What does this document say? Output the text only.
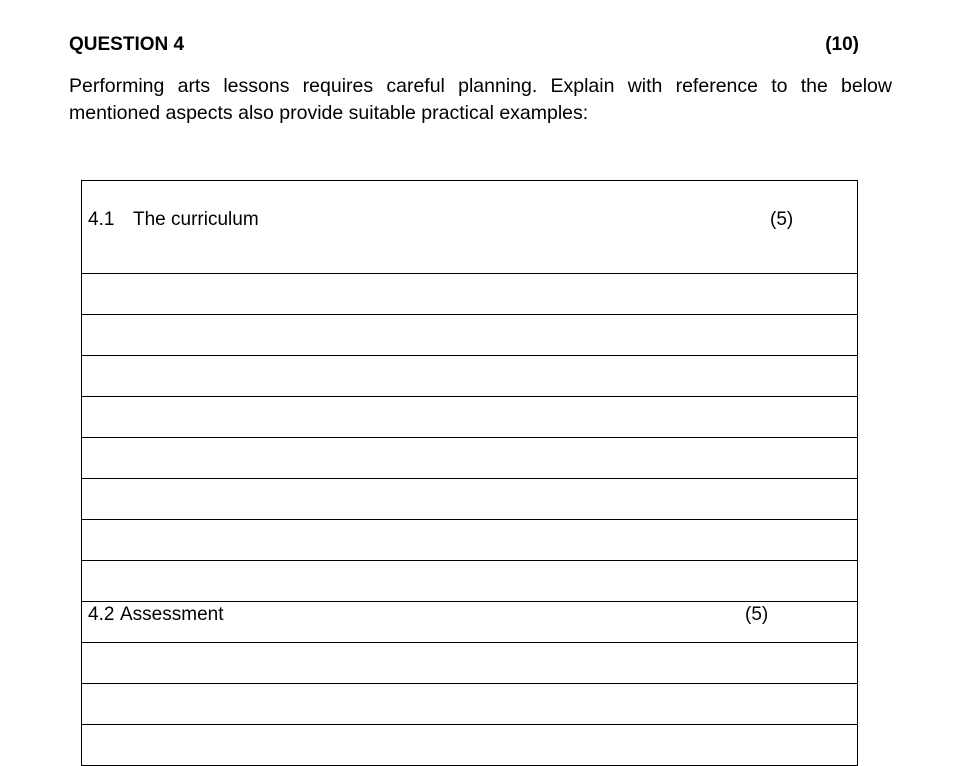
QUESTION 4	(10)

Performing arts lessons requires careful planning. Explain with reference to the below
mentioned aspects also provide suitable practical examples:

4.1 The curriculum	(5)

4.2 Assessment	(5)
